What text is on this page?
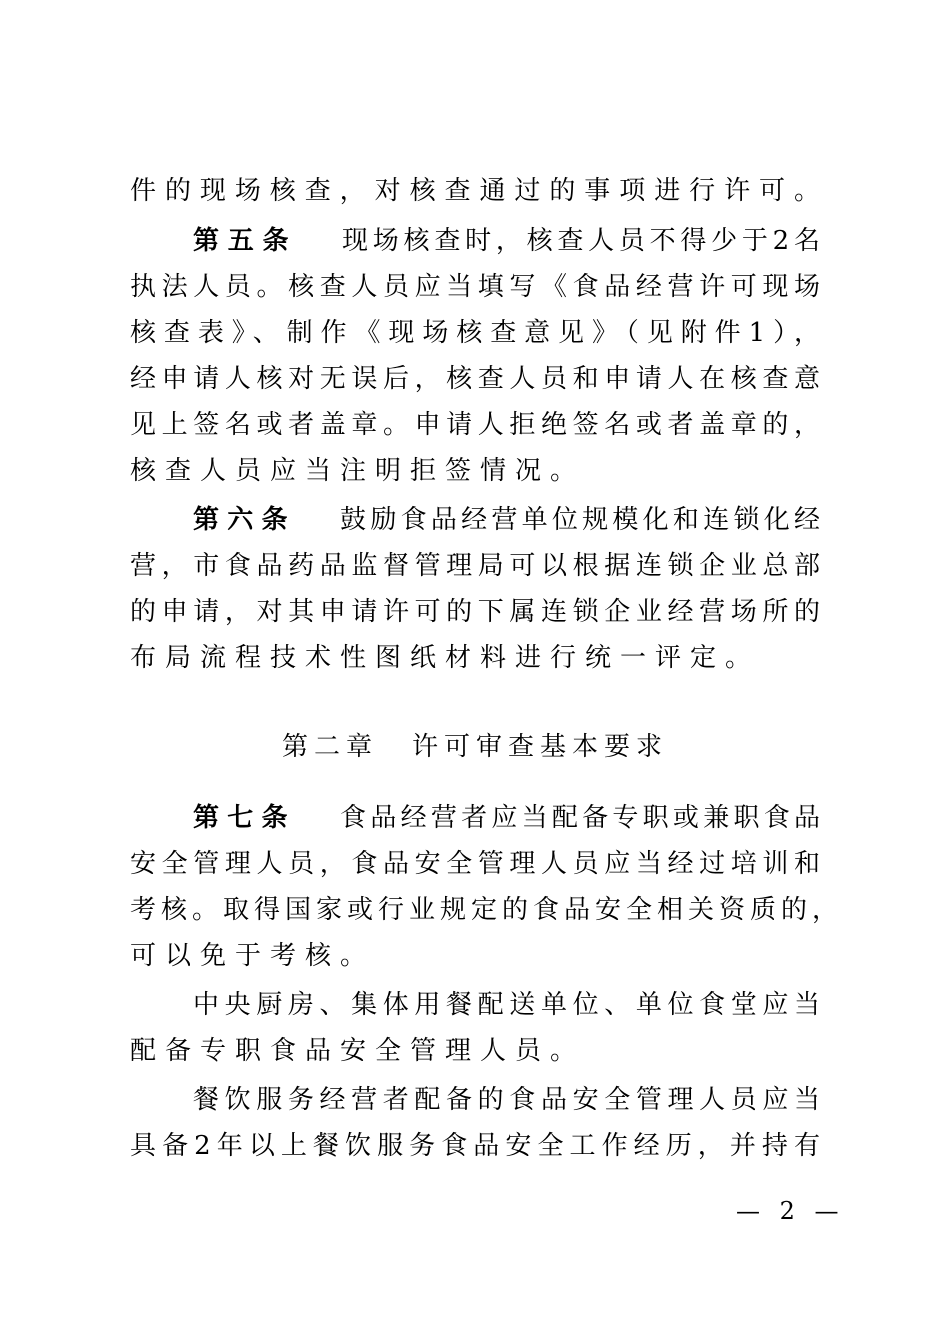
件的现场核查，对核查通过的事项进行许可。
第五条 现场核查时，核查人员不得少于2名
执法人员。核查人员应当填写《食品经营许可现场
核查表》、制作《现场核查意见》（见附件1），
经申请人核对无误后，核查人员和申请人在核查意
见上签名或者盖章。申请人拒绝签名或者盖章的，
核查人员应当注明拒签情况。
第六条 鼓励食品经营单位规模化和连锁化经
营，市食品药品监督管理局可以根据连锁企业总部
的申请，对其申请许可的下属连锁企业经营场所的
布局流程技术性图纸材料进行统一评定。
第二章 许可审查基本要求
第七条 食品经营者应当配备专职或兼职食品
安全管理人员，食品安全管理人员应当经过培训和
考核。取得国家或行业规定的食品安全相关资质的，
可以免于考核。
中央厨房、集体用餐配送单位、单位食堂应当
配备专职食品安全管理人员。
餐饮服务经营者配备的食品安全管理人员应当
具备2年以上餐饮服务食品安全工作经历，并持有
— 2 —
